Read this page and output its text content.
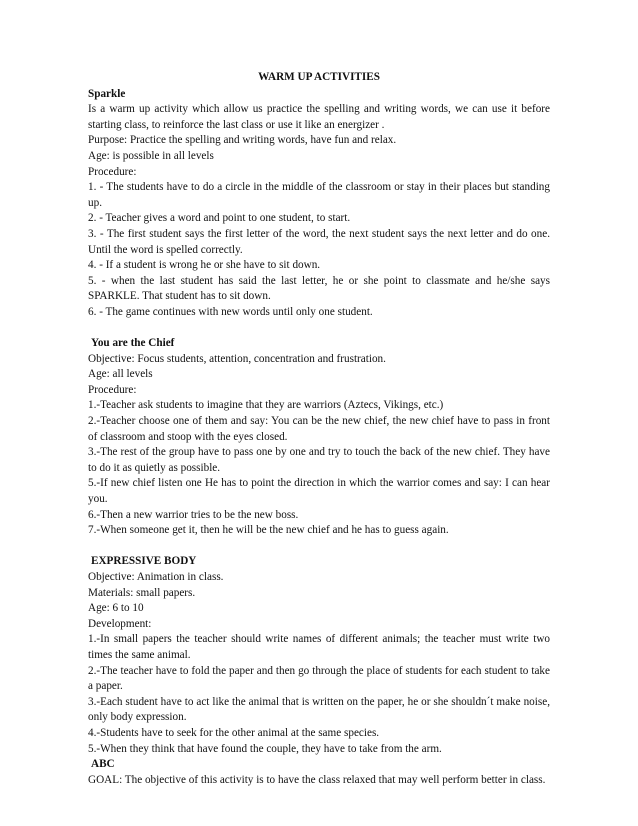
WARM UP ACTIVITIES
Sparkle

Is a warm up activity which allow us practice the spelling and writing words, we can use it before starting class, to reinforce the last class or use it like an energizer .

Purpose: Practice the spelling and writing words, have fun and relax.

Age: is possible in all levels

Procedure:

1. - The students have to do a circle in the middle of the classroom or stay in their places but standing up.

2. - Teacher gives a word and point to one student, to start.

3. - The first student says the first letter of the word, the next student says the next letter and do one. Until the word is spelled correctly.

4. - If a student is wrong he or she have to sit down.

5. - when the last student has said the last letter, he or she point to classmate and he/she says SPARKLE. That student has to sit down.

6. - The game continues with new words until only one student.

You are the Chief

Objective: Focus students, attention, concentration and frustration.

Age: all levels

Procedure:

1.-Teacher ask students to imagine that they are warriors (Aztecs, Vikings, etc.)

2.-Teacher choose one of them and say: You can be the new chief, the new chief have to pass in front of classroom and stoop with the eyes closed.

3.-The rest of the group have to pass one by one and try to touch the back of the new chief. They have to do it as quietly as possible.

5.-If new chief listen one He has to point the direction in which the warrior comes and say: I can hear you.

6.-Then a new warrior tries to be the new boss.

7.-When someone get it, then he will be the new chief and he has to guess again.

EXPRESSIVE BODY

Objective: Animation in class.

Materials: small papers.

Age: 6 to 10

Development:

1.-In small papers the teacher should write names of different animals; the teacher must write two times the same animal.

2.-The teacher have to fold the paper and then go through the place of students for each student to take a paper.

3.-Each student have to act like the animal that is written on the paper, he or she shouldn´t make noise, only body expression.

4.-Students have to seek for the other animal at the same species.

5.-When they think that have found the couple, they have to take from the arm.

ABC

GOAL: The objective of this activity is to have the class relaxed that may well perform better in class.
